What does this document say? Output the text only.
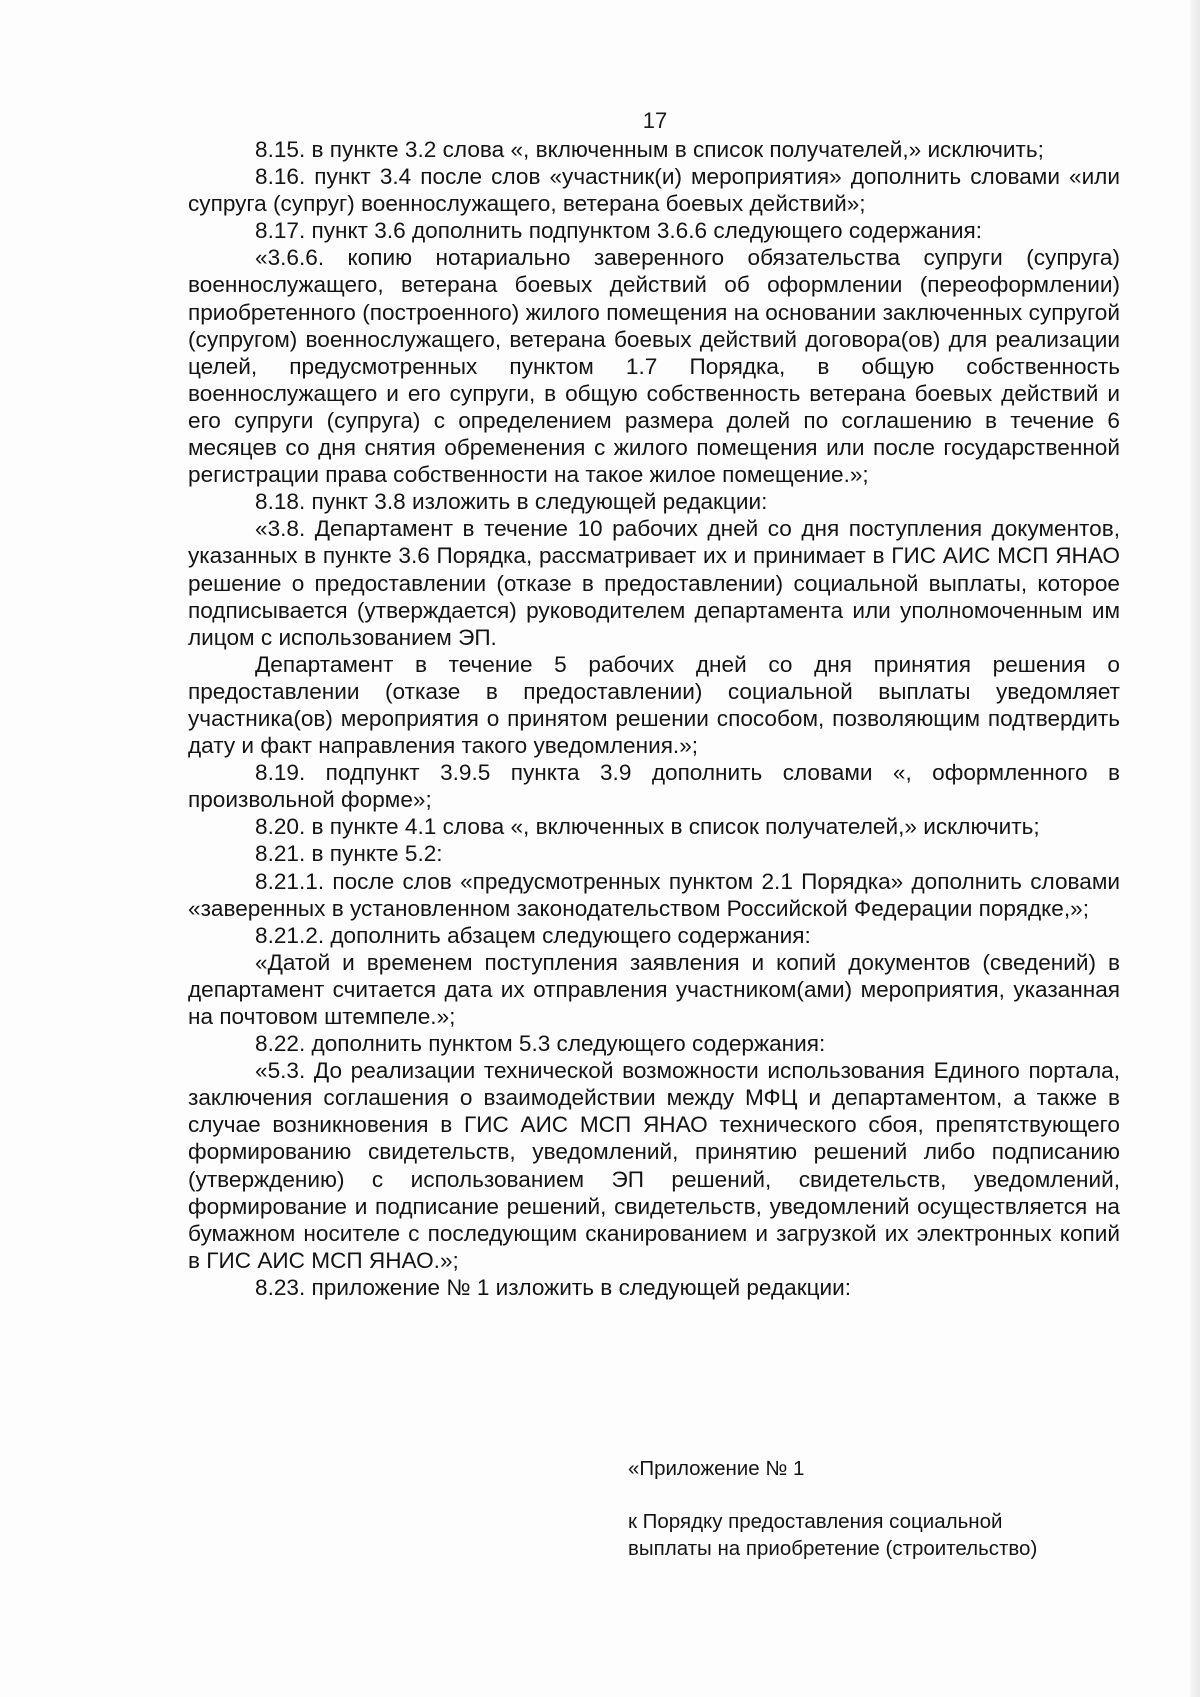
17

8.15. в пункте 3.2 слова «, включенным в список получателей,» исключить;

8.16. пункт 3.4 после слов «участник(и) мероприятия» дополнить словами «или супруга (супруг) военнослужащего, ветерана боевых действий»;

8.17. пункт 3.6 дополнить подпунктом 3.6.6 следующего содержания:

«3.6.6. копию нотариально заверенного обязательства супруги (супруга) военнослужащего, ветерана боевых действий об оформлении (переоформлении) приобретенного (построенного) жилого помещения на основании заключенных супругой (супругом) военнослужащего, ветерана боевых действий договора(ов) для реализации целей, предусмотренных пунктом 1.7 Порядка, в общую собственность военнослужащего и его супруги, в общую собственность ветерана боевых действий и его супруги (супруга) с определением размера долей по соглашению в течение 6 месяцев со дня снятия обременения с жилого помещения или после государственной регистрации права собственности на такое жилое помещение.»;

8.18. пункт 3.8 изложить в следующей редакции:

«3.8. Департамент в течение 10 рабочих дней со дня поступления документов, указанных в пункте 3.6 Порядка, рассматривает их и принимает в ГИС АИС МСП ЯНАО решение о предоставлении (отказе в предоставлении) социальной выплаты, которое подписывается (утверждается) руководителем департамента или уполномоченным им лицом с использованием ЭП.

Департамент в течение 5 рабочих дней со дня принятия решения о предоставлении (отказе в предоставлении) социальной выплаты уведомляет участника(ов) мероприятия о принятом решении способом, позволяющим подтвердить дату и факт направления такого уведомления.»;

8.19. подпункт 3.9.5 пункта 3.9 дополнить словами «, оформленного в произвольной форме»;

8.20. в пункте 4.1 слова «, включенных в список получателей,» исключить;

8.21. в пункте 5.2:

8.21.1. после слов «предусмотренных пунктом 2.1 Порядка» дополнить словами «заверенных в установленном законодательством Российской Федерации порядке,»;

8.21.2. дополнить абзацем следующего содержания:

«Датой и временем поступления заявления и копий документов (сведений) в департамент считается дата их отправления участником(ами) мероприятия, указанная на почтовом штемпеле.»;

8.22. дополнить пунктом 5.3 следующего содержания:

«5.3. До реализации технической возможности использования Единого портала, заключения соглашения о взаимодействии между МФЦ и департаментом, а также в случае возникновения в ГИС АИС МСП ЯНАО технического сбоя, препятствующего формированию свидетельств, уведомлений, принятию решений либо подписанию (утверждению) с использованием ЭП решений, свидетельств, уведомлений, формирование и подписание решений, свидетельств, уведомлений осуществляется на бумажном носителе с последующим сканированием и загрузкой их электронных копий в ГИС АИС МСП ЯНАО.»;

8.23. приложение № 1 изложить в следующей редакции:

«Приложение № 1

к Порядку предоставления социальной
выплаты на приобретение (строительство)
